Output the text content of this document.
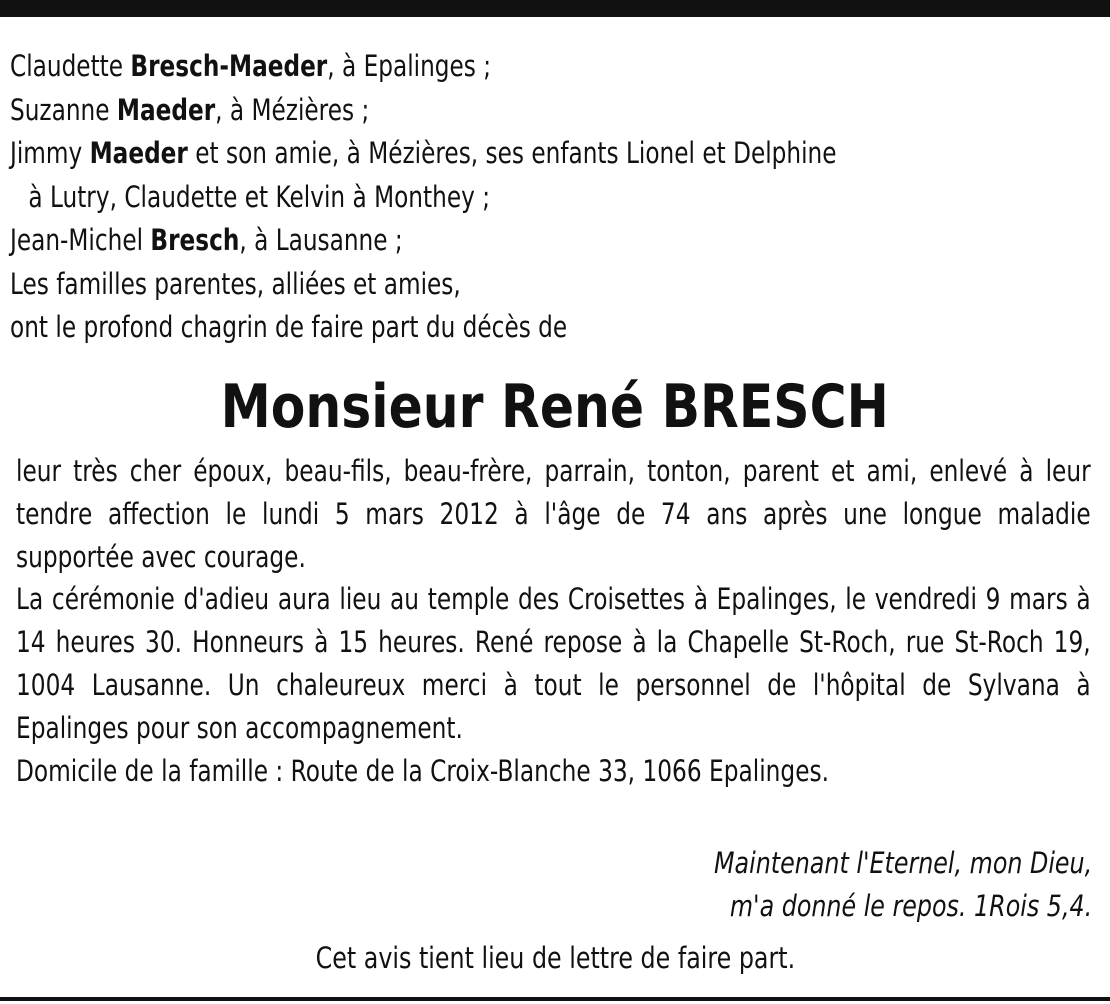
Claudette Bresch-Maeder, à Epalinges ;
Suzanne Maeder, à Mézières ;
Jimmy Maeder et son amie, à Mézières, ses enfants Lionel et Delphine
à Lutry, Claudette et Kelvin à Monthey ;
Jean-Michel Bresch, à Lausanne ;
Les familles parentes, alliées et amies,
ont le profond chagrin de faire part du décès de
Monsieur René BRESCH

leur très cher époux, beau-fils, beau-frère, parrain, tonton, parent et ami, enlevé à leur tendre affection le lundi 5 mars 2012 à l'âge de 74 ans après une longue maladie supportée avec courage.

La cérémonie d'adieu aura lieu au temple des Croisettes à Epalinges, le vendredi 9 mars à 14 heures 30. Honneurs à 15 heures. René repose à la Chapelle St-Roch, rue St-Roch 19, 1004 Lausanne. Un chaleureux merci à tout le personnel de l'hôpital de Sylvana à Epalinges pour son accompagnement.

Domicile de la famille : Route de la Croix-Blanche 33, 1066 Epalinges.

Maintenant l'Eternel, mon Dieu,
m'a donné le repos. 1Rois 5,4.
Cet avis tient lieu de lettre de faire part.
